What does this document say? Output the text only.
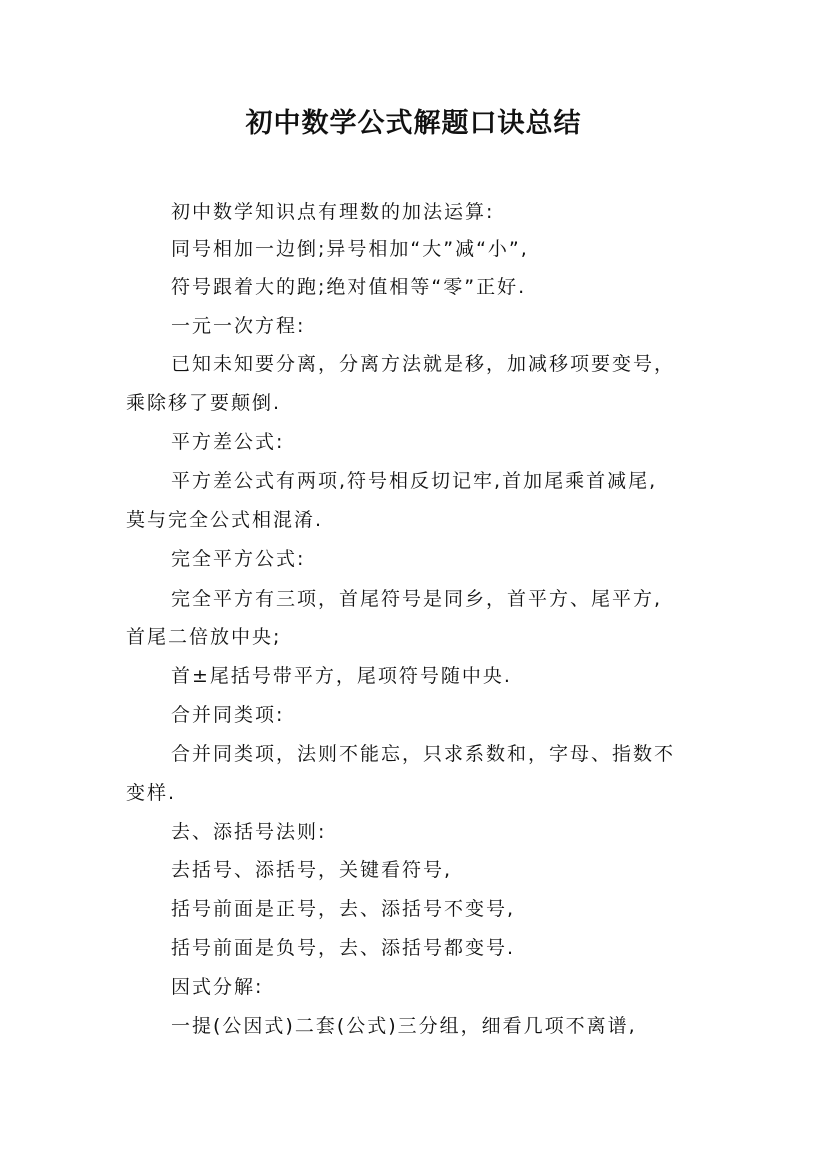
初中数学公式解题口诀总结

初中数学知识点有理数的加法运算:

同号相加一边倒;异号相加“大”减“小”,

符号跟着大的跑;绝对值相等“零”正好.

一元一次方程:

已知未知要分离，分离方法就是移，加减移项要变号，

乘除移了要颠倒.

平方差公式:

平方差公式有两项,符号相反切记牢,首加尾乘首减尾,

莫与完全公式相混淆.

完全平方公式:

完全平方有三项，首尾符号是同乡，首平方、尾平方,

首尾二倍放中央;

首±尾括号带平方，尾项符号随中央.

合并同类项:

合并同类项，法则不能忘，只求系数和，字母、指数不

变样.

去、添括号法则:

去括号、添括号，关键看符号,

括号前面是正号，去、添括号不变号,

括号前面是负号，去、添括号都变号.

因式分解:

一提(公因式)二套(公式)三分组，细看几项不离谱,
